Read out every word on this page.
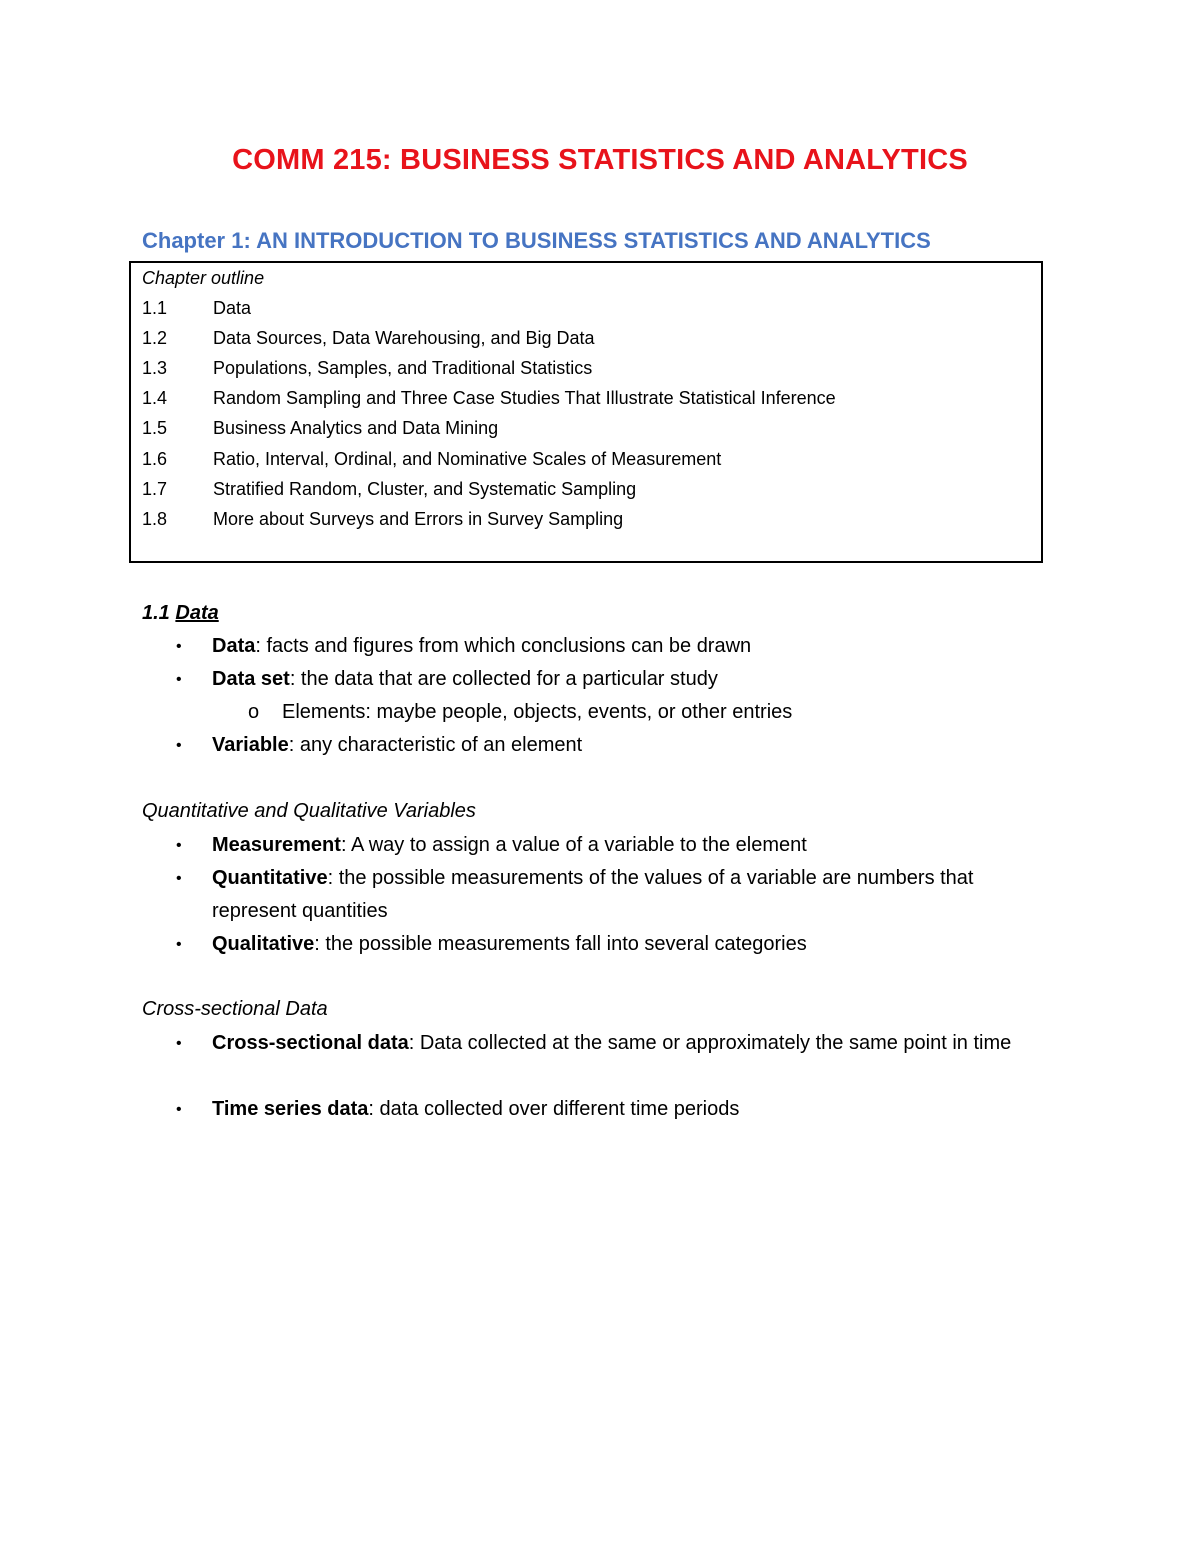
COMM 215: BUSINESS STATISTICS AND ANALYTICS
Chapter 1: AN INTRODUCTION TO BUSINESS STATISTICS AND ANALYTICS
Chapter outline
1.1	Data
1.2	Data Sources, Data Warehousing, and Big Data
1.3	Populations, Samples, and Traditional Statistics
1.4	Random Sampling and Three Case Studies That Illustrate Statistical Inference
1.5	Business Analytics and Data Mining
1.6	Ratio, Interval, Ordinal, and Nominative Scales of Measurement
1.7	Stratified Random, Cluster, and Systematic Sampling
1.8	More about Surveys and Errors in Survey Sampling
1.1 Data
• Data: facts and figures from which conclusions can be drawn
• Data set: the data that are collected for a particular study
o Elements: maybe people, objects, events, or other entries
• Variable: any characteristic of an element
Quantitative and Qualitative Variables
• Measurement: A way to assign a value of a variable to the element
• Quantitative: the possible measurements of the values of a variable are numbers that represent quantities
• Qualitative: the possible measurements fall into several categories
Cross-sectional Data
• Cross-sectional data: Data collected at the same or approximately the same point in time
• Time series data: data collected over different time periods
